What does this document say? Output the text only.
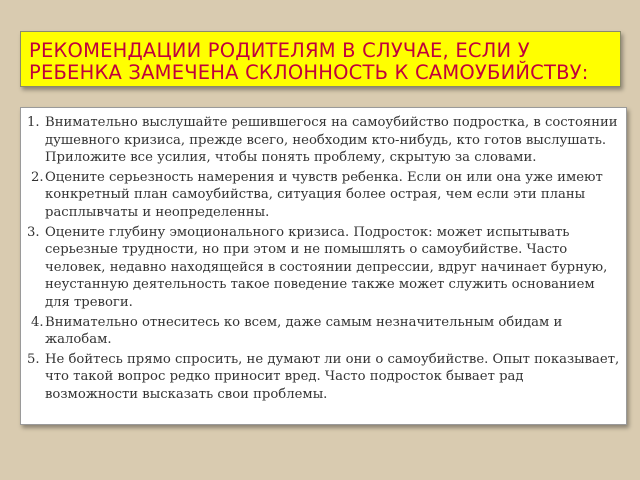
РЕКОМЕНДАЦИИ РОДИТЕЛЯМ В СЛУЧАЕ, ЕСЛИ У РЕБЕНКА ЗАМЕЧЕНА СКЛОННОСТЬ К САМОУБИЙСТВУ:
1. Внимательно выслушайте решившегося на самоубийство подростка, в состоянии душевного кризиса, прежде всего, необходим кто-нибудь, кто готов выслушать. Приложите все усилия, чтобы понять проблему, скрытую за словами.
2. Оцените серьезность намерения и чувств ребенка. Если он или она уже имеют конкретный план самоубийства, ситуация более острая, чем если эти планы расплывчаты и неопределенны.
3. Оцените глубину эмоционального кризиса. Подросток: может испытывать серьезные трудности, но при этом и не помышлять о самоубийстве. Часто человек, недавно находящейся в состоянии депрессии, вдруг начинает бурную, неустанную деятельность такое поведение также может служить основанием для тревоги.
4. Внимательно отнеситесь ко всем, даже самым незначительным обидам и жалобам.
5. Не бойтесь прямо спросить, не думают ли они о самоубийстве. Опыт показывает, что такой вопрос редко приносит вред. Часто подросток бывает рад возможности высказать свои проблемы.
